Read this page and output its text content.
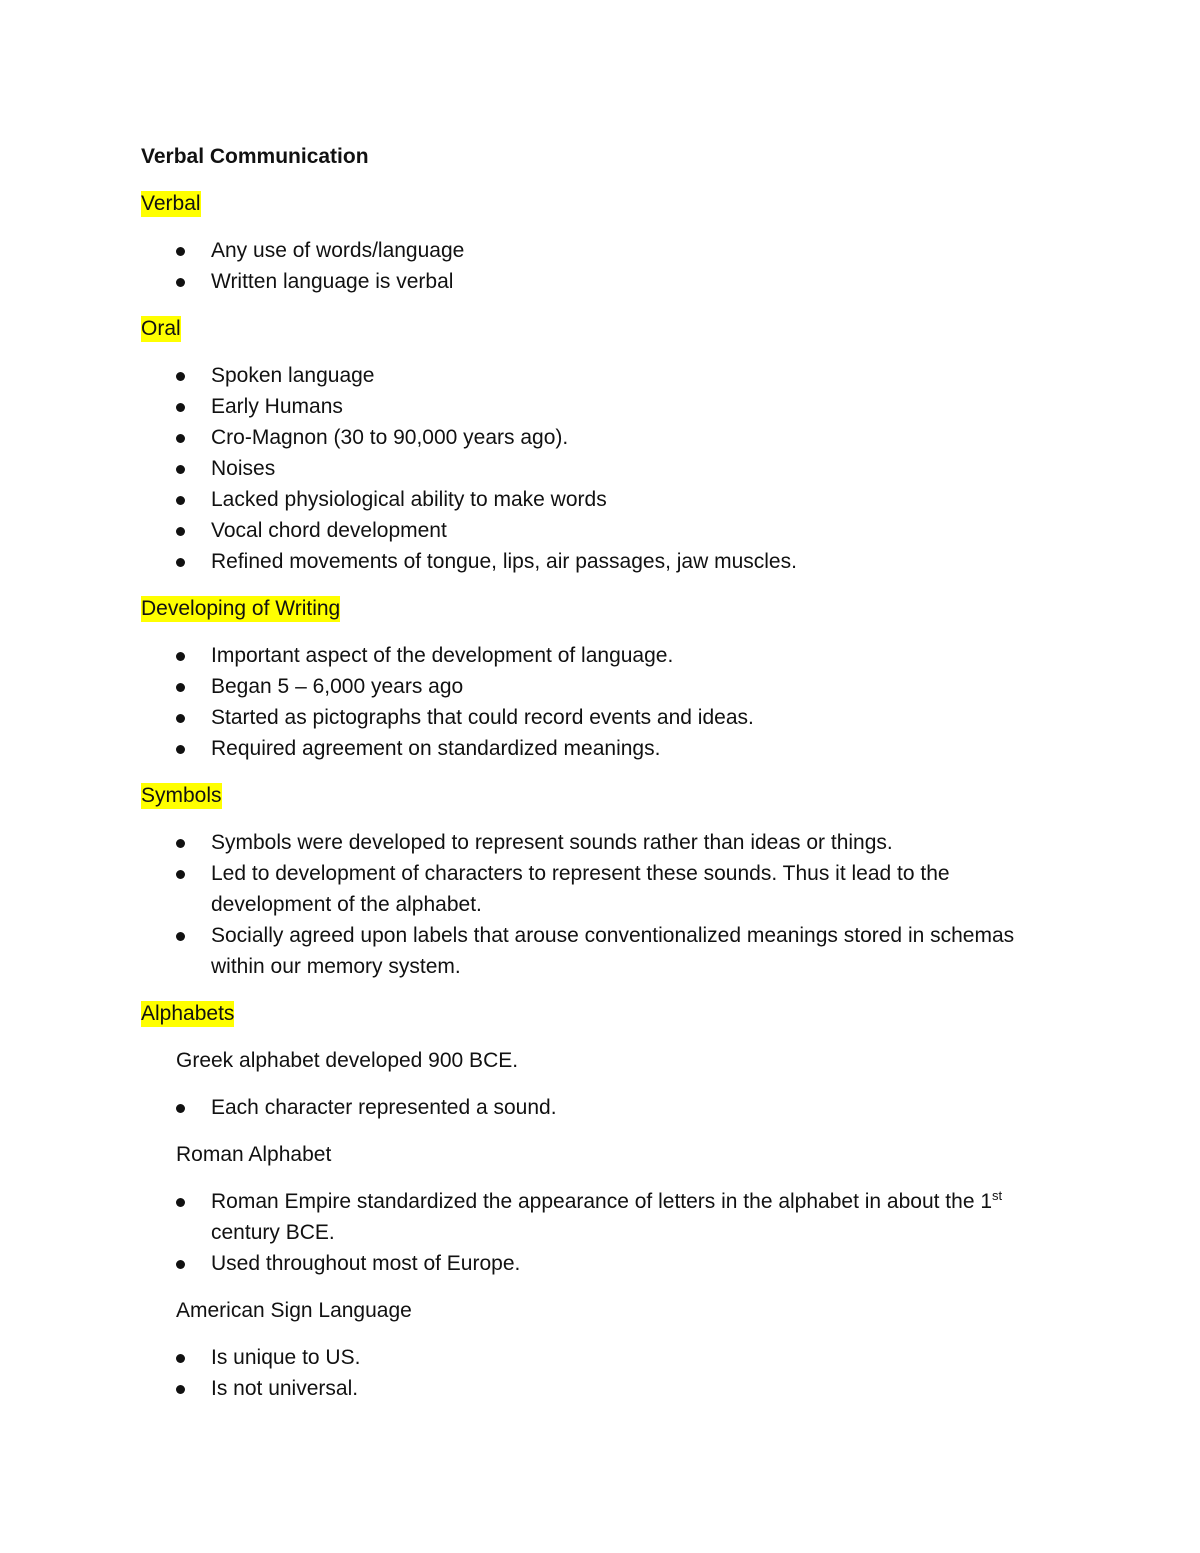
Verbal Communication
Verbal
Any use of words/language
Written language is verbal
Oral
Spoken language
Early Humans
Cro-Magnon (30 to 90,000 years ago).
Noises
Lacked physiological ability to make words
Vocal chord development
Refined movements of tongue, lips, air passages, jaw muscles.
Developing of Writing
Important aspect of the development of language.
Began 5 – 6,000 years ago
Started as pictographs that could record events and ideas.
Required agreement on standardized meanings.
Symbols
Symbols were developed to represent sounds rather than ideas or things.
Led to development of characters to represent these sounds. Thus it lead to the development of the alphabet.
Socially agreed upon labels that arouse conventionalized meanings stored in schemas within our memory system.
Alphabets
Greek alphabet developed 900 BCE.
Each character represented a sound.
Roman Alphabet
Roman Empire standardized the appearance of letters in the alphabet in about the 1st century BCE.
Used throughout most of Europe.
American Sign Language
Is unique to US.
Is not universal.
